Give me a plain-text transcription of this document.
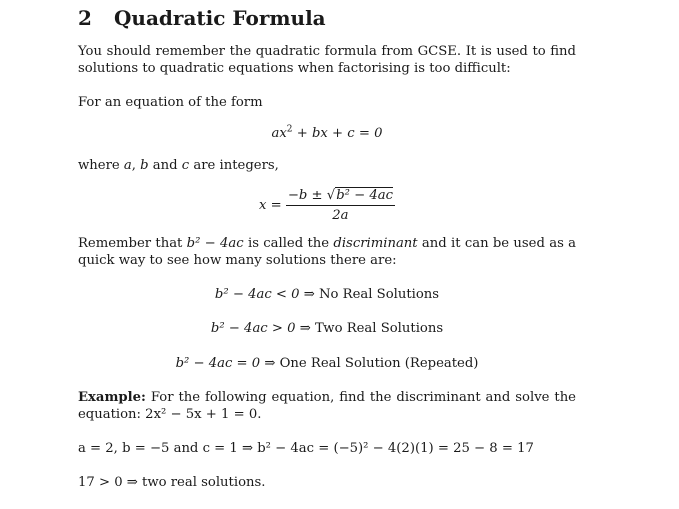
2 Quadratic Formula
You should remember the quadratic formula from GCSE. It is used to find solutions to quadratic equations when factorising is too difficult:
For an equation of the form
$ax^2$ + bx + c = 0
where a, b and c are integers,
$x = \frac{\text{−b ± √b² − 4ac}}{2a}$
Remember that b² − 4ac is called the discriminant and it can be used as a quick way to see how many solutions there are:
b² − 4ac < 0 ⇒ No Real Solutions
b² − 4ac > 0 ⇒ Two Real Solutions
b² − 4ac = 0 ⇒ One Real Solution (Repeated)
Example: For the following equation, find the discriminant and solve the equation: 2x² − 5x + 1 = 0.
a = 2, b = −5 and c = 1 ⇒ b² − 4ac = (−5)² − 4(2)(1) = 25 − 8 = 17
17 > 0 ⇒ two real solutions.
